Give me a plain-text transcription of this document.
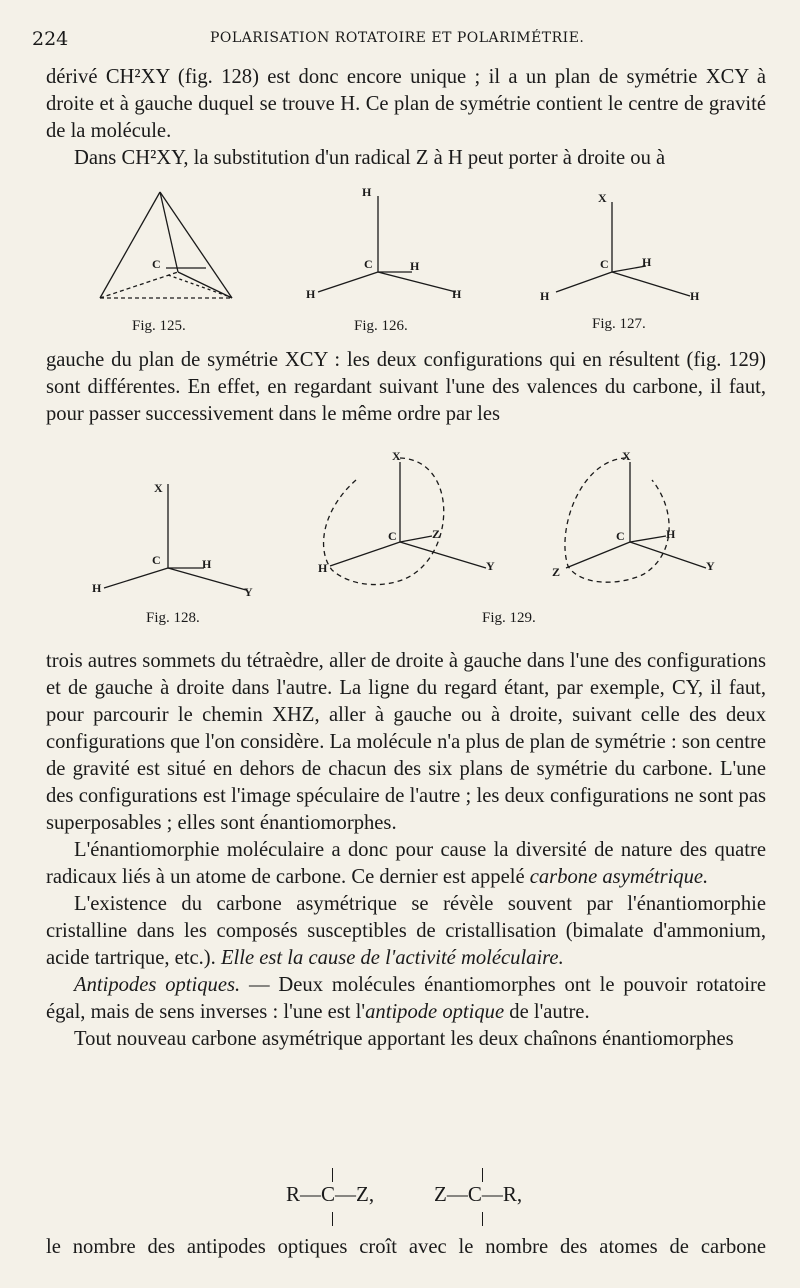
224	POLARISATION ROTATOIRE ET POLARIMÉTRIE.

dérivé CH²XY (fig. 128) est donc encore unique ; il a un plan de symétrie XCY à droite et à gauche duquel se trouve H. Ce plan de symétrie contient le centre de gravité de la molécule.

Dans CH²XY, la substitution d'un radical Z à H peut porter à droite ou à

C
H
C	H
H	H
X
C	H
H	H
Fig. 125.	Fig. 126.	Fig. 127.

gauche du plan de symétrie XCY : les deux configurations qui en résultent (fig. 129) sont différentes. En effet, en regardant suivant l'une des valences du carbone, il faut, pour passer successivement dans le même ordre par les

X
C	H
H	Y
X
C	Z
H	Y
X
C	H
Z	Y
Fig. 128.	Fig. 129.

trois autres sommets du tétraèdre, aller de droite à gauche dans l'une des configurations et de gauche à droite dans l'autre. La ligne du regard étant, par exemple, CY, il faut, pour parcourir le chemin XHZ, aller à gauche ou à droite, suivant celle des deux configurations que l'on considère. La molécule n'a plus de plan de symétrie : son centre de gravité est situé en dehors de chacun des six plans de symétrie du carbone. L'une des configurations est l'image spéculaire de l'autre ; les deux configurations ne sont pas superposables ; elles sont énantiomorphes.

L'énantiomorphie moléculaire a donc pour cause la diversité de nature des quatre radicaux liés à un atome de carbone. Ce dernier est appelé carbone asymétrique.

L'existence du carbone asymétrique se révèle souvent par l'énantiomorphie cristalline dans les composés susceptibles de cristallisation (bimalate d'ammonium, acide tartrique, etc.). Elle est la cause de l'activité moléculaire.

Antipodes optiques. — Deux molécules énantiomorphes ont le pouvoir rotatoire égal, mais de sens inverses : l'une est l'antipode optique de l'autre.

Tout nouveau carbone asymétrique apportant les deux chaînons énantiomorphes

R—C—Z,	Z—C—R,
le nombre des antipodes optiques croît avec le nombre des atomes de carbone
